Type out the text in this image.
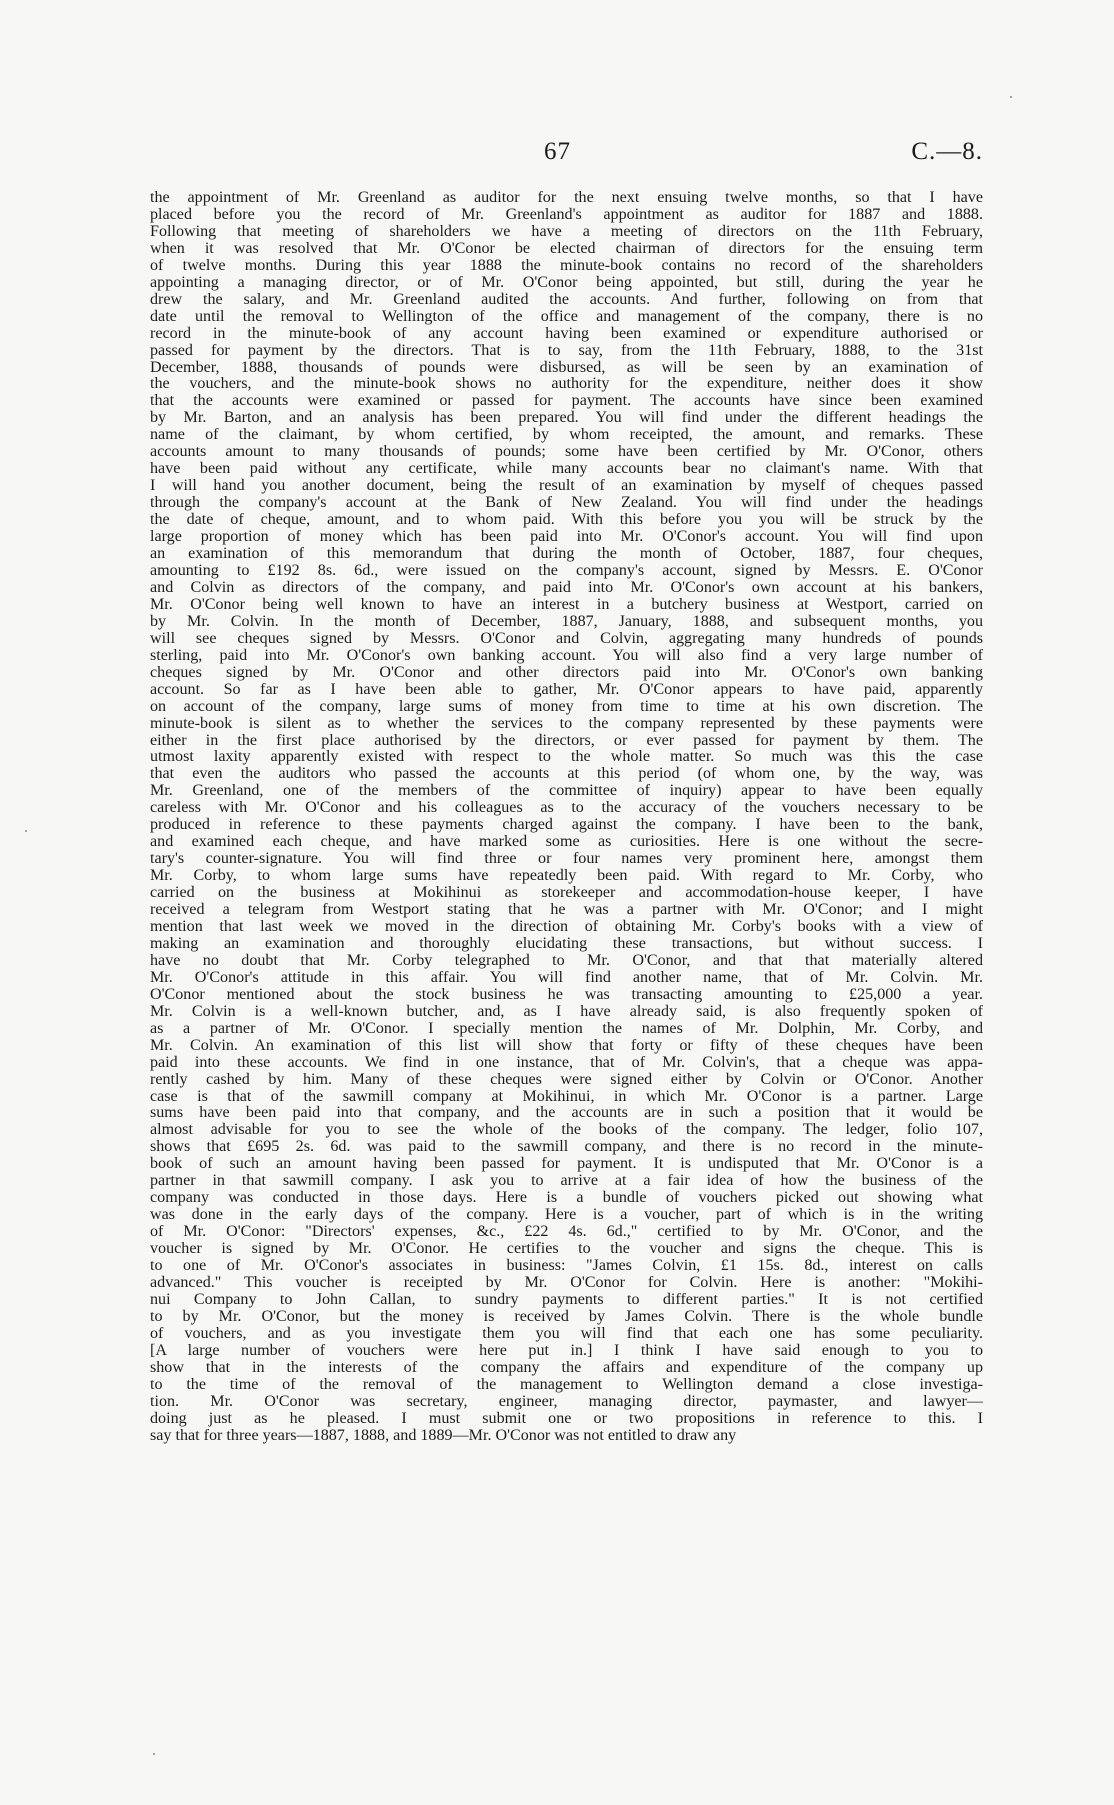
67	C.—8.
the appointment of Mr. Greenland as auditor for the next ensuing twelve months, so that I have
placed before you the record of Mr. Greenland's appointment as auditor for 1887 and 1888.
Following that meeting of shareholders we have a meeting of directors on the 11th February,
when it was resolved that Mr. O'Conor be elected chairman of directors for the ensuing term
of twelve months. During this year 1888 the minute-book contains no record of the shareholders
appointing a managing director, or of Mr. O'Conor being appointed, but still, during the year he
drew the salary, and Mr. Greenland audited the accounts. And further, following on from that
date until the removal to Wellington of the office and management of the company, there is no
record in the minute-book of any account having been examined or expenditure authorised or
passed for payment by the directors. That is to say, from the 11th February, 1888, to the 31st
December, 1888, thousands of pounds were disbursed, as will be seen by an examination of
the vouchers, and the minute-book shows no authority for the expenditure, neither does it show
that the accounts were examined or passed for payment. The accounts have since been examined
by Mr. Barton, and an analysis has been prepared. You will find under the different headings the
name of the claimant, by whom certified, by whom receipted, the amount, and remarks. These
accounts amount to many thousands of pounds; some have been certified by Mr. O'Conor, others
have been paid without any certificate, while many accounts bear no claimant's name. With that
I will hand you another document, being the result of an examination by myself of cheques passed
through the company's account at the Bank of New Zealand. You will find under the headings
the date of cheque, amount, and to whom paid. With this before you you will be struck by the
large proportion of money which has been paid into Mr. O'Conor's account. You will find upon
an examination of this memorandum that during the month of October, 1887, four cheques,
amounting to £192 8s. 6d., were issued on the company's account, signed by Messrs. E. O'Conor
and Colvin as directors of the company, and paid into Mr. O'Conor's own account at his bankers,
Mr. O'Conor being well known to have an interest in a butchery business at Westport, carried on
by Mr. Colvin. In the month of December, 1887, January, 1888, and subsequent months, you
will see cheques signed by Messrs. O'Conor and Colvin, aggregating many hundreds of pounds
sterling, paid into Mr. O'Conor's own banking account. You will also find a very large number of
cheques signed by Mr. O'Conor and other directors paid into Mr. O'Conor's own banking
account. So far as I have been able to gather, Mr. O'Conor appears to have paid, apparently
on account of the company, large sums of money from time to time at his own discretion. The
minute-book is silent as to whether the services to the company represented by these payments were
either in the first place authorised by the directors, or ever passed for payment by them. The
utmost laxity apparently existed with respect to the whole matter. So much was this the case
that even the auditors who passed the accounts at this period (of whom one, by the way, was
Mr. Greenland, one of the members of the committee of inquiry) appear to have been equally
careless with Mr. O'Conor and his colleagues as to the accuracy of the vouchers necessary to be
produced in reference to these payments charged against the company. I have been to the bank,
and examined each cheque, and have marked some as curiosities. Here is one without the secre-
tary's counter-signature. You will find three or four names very prominent here, amongst them
Mr. Corby, to whom large sums have repeatedly been paid. With regard to Mr. Corby, who
carried on the business at Mokihinui as storekeeper and accommodation-house keeper, I have
received a telegram from Westport stating that he was a partner with Mr. O'Conor; and I might
mention that last week we moved in the direction of obtaining Mr. Corby's books with a view of
making an examination and thoroughly elucidating these transactions, but without success. I
have no doubt that Mr. Corby telegraphed to Mr. O'Conor, and that that materially altered
Mr. O'Conor's attitude in this affair. You will find another name, that of Mr. Colvin. Mr.
O'Conor mentioned about the stock business he was transacting amounting to £25,000 a year.
Mr. Colvin is a well-known butcher, and, as I have already said, is also frequently spoken of
as a partner of Mr. O'Conor. I specially mention the names of Mr. Dolphin, Mr. Corby, and
Mr. Colvin. An examination of this list will show that forty or fifty of these cheques have been
paid into these accounts. We find in one instance, that of Mr. Colvin's, that a cheque was appa-
rently cashed by him. Many of these cheques were signed either by Colvin or O'Conor. Another
case is that of the sawmill company at Mokihinui, in which Mr. O'Conor is a partner. Large
sums have been paid into that company, and the accounts are in such a position that it would be
almost advisable for you to see the whole of the books of the company. The ledger, folio 107,
shows that £695 2s. 6d. was paid to the sawmill company, and there is no record in the minute-
book of such an amount having been passed for payment. It is undisputed that Mr. O'Conor is a
partner in that sawmill company. I ask you to arrive at a fair idea of how the business of the
company was conducted in those days. Here is a bundle of vouchers picked out showing what
was done in the early days of the company. Here is a voucher, part of which is in the writing
of Mr. O'Conor: "Directors' expenses, &c., £22 4s. 6d.," certified to by Mr. O'Conor, and the
voucher is signed by Mr. O'Conor. He certifies to the voucher and signs the cheque. This is
to one of Mr. O'Conor's associates in business: "James Colvin, £1 15s. 8d., interest on calls
advanced." This voucher is receipted by Mr. O'Conor for Colvin. Here is another: "Mokihi-
nui Company to John Callan, to sundry payments to different parties." It is not certified
to by Mr. O'Conor, but the money is received by James Colvin. There is the whole bundle
of vouchers, and as you investigate them you will find that each one has some peculiarity.
[A large number of vouchers were here put in.] I think I have said enough to you to
show that in the interests of the company the affairs and expenditure of the company up
to the time of the removal of the management to Wellington demand a close investiga-
tion. Mr. O'Conor was secretary, engineer, managing director, paymaster, and lawyer—
doing just as he pleased. I must submit one or two propositions in reference to this. I
say that for three years—1887, 1888, and 1889—Mr. O'Conor was not entitled to draw any
